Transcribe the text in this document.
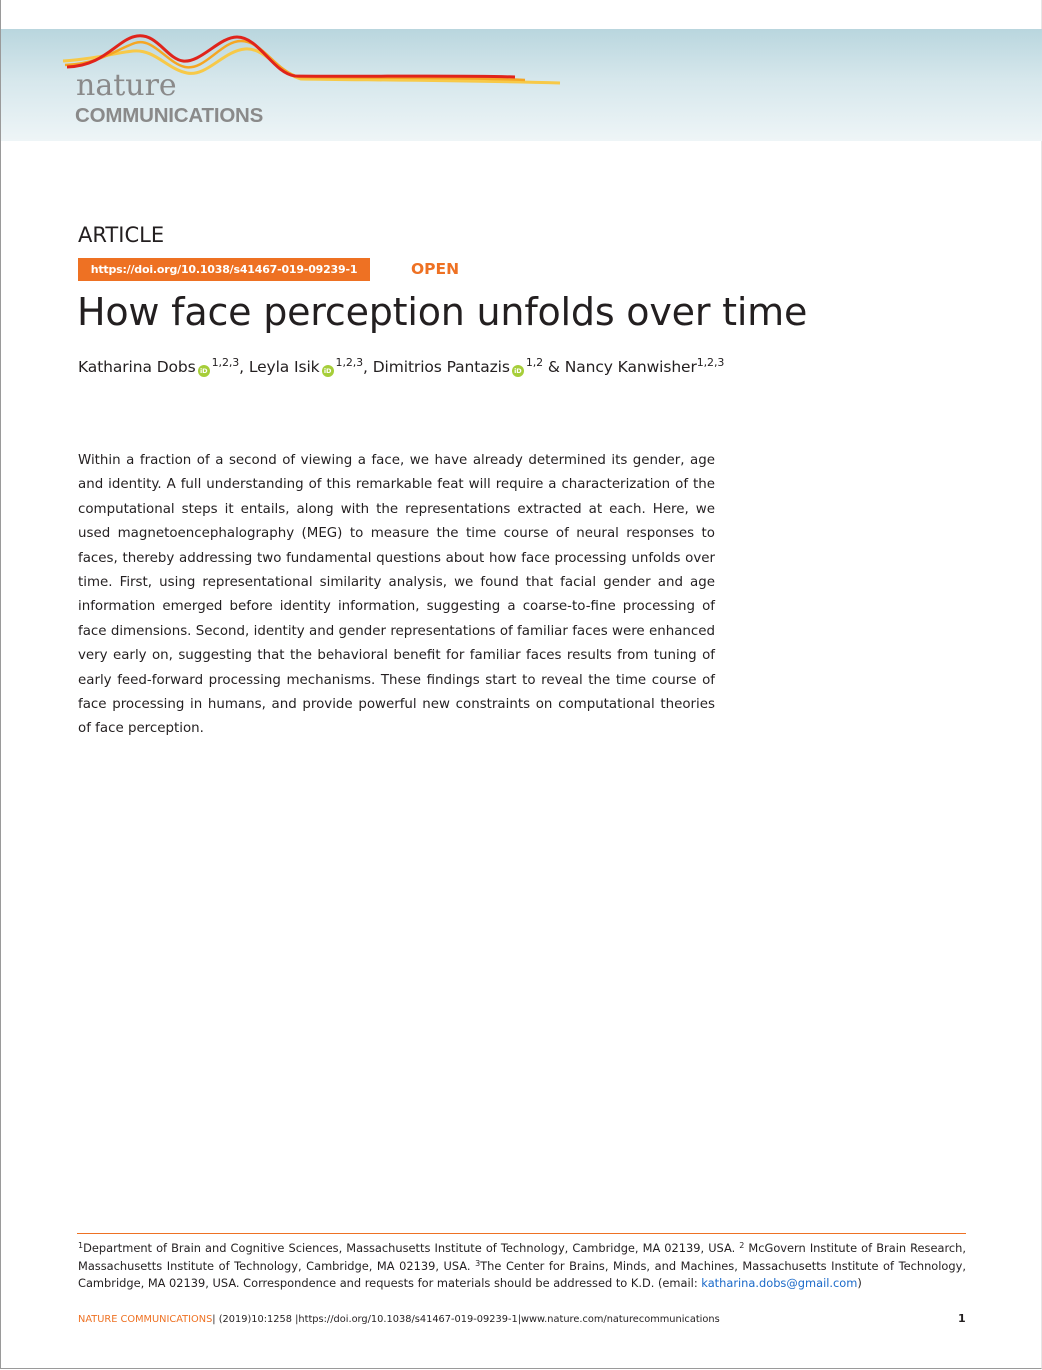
nature
COMMUNICATIONS
ARTICLE
https://doi.org/10.1038/s41467-019-09239-1	OPEN
How face perception unfolds over time
Katharina Dobs iD$^{1,2,3}$, Leyla Isik iD$^{1,2,3}$, Dimitrios Pantazis iD$^{1,2}$ & Nancy Kanwisher$^{1,2,3}$

Within a fraction of a second of viewing a face, we have already determined its gender, age and identity. A full understanding of this remarkable feat will require a characterization of the computational steps it entails, along with the representations extracted at each. Here, we used magnetoencephalography (MEG) to measure the time course of neural responses to faces, thereby addressing two fundamental questions about how face processing unfolds over time. First, using representational similarity analysis, we found that facial gender and age information emerged before identity information, suggesting a coarse-to-fine processing of face dimensions. Second, identity and gender representations of familiar faces were enhanced very early on, suggesting that the behavioral benefit for familiar faces results from tuning of early feed-forward processing mechanisms. These findings start to reveal the time course of face processing in humans, and provide powerful new constraints on computational theories of face perception.

$^1$Department of Brain and Cognitive Sciences, Massachusetts Institute of Technology, Cambridge, MA 02139, USA. $^2$ McGovern Institute of Brain Research, Massachusetts Institute of Technology, Cambridge, MA 02139, USA. $^3$The Center for Brains, Minds, and Machines, Massachusetts Institute of Technology, Cambridge, MA 02139, USA. Correspondence and requests for materials should be addressed to K.D. (email: katharina.dobs@gmail.com)

NATURE COMMUNICATIONS| (2019)10:1258 |https://doi.org/10.1038/s41467-019-09239-1|www.nature.com/naturecommunications	1
